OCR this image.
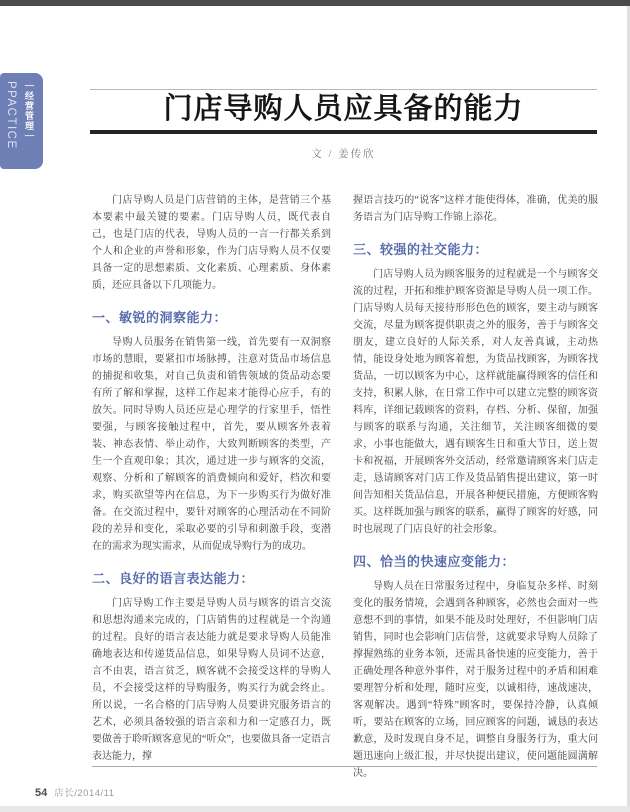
PPACTICE ｜经营管理｜	门店导购人员应具备的能力
文 / 姜传欣

门店导购人员是门店营销的主体，是营销三个基本要素中最关键的要素。门店导购人员，既代表自己，也是门店的代表，导购人员的一言一行都关系到个人和企业的声誉和形象，作为门店导购人员不仅要具备一定的思想素质、文化素质、心理素质、身体素质，还应具备以下几项能力。

一、敏锐的洞察能力：

导购人员服务在销售第一线，首先要有一双洞察市场的慧眼，要紧扣市场脉搏，注意对货品市场信息的捕捉和收集，对自己负责和销售领域的货品动态要有所了解和掌握，这样工作起来才能得心应手，有的放矢。同时导购人员还应是心理学的行家里手，悟性要强，与顾客接触过程中，首先，要从顾客外表着装、神态表情、举止动作，大致判断顾客的类型，产生一个直观印象；其次，通过进一步与顾客的交流，观察、分析和了解顾客的消费倾向和爱好，档次和要求，购买欲望等内在信息，为下一步购买行为做好准备。在交流过程中，要针对顾客的心理活动在不同阶段的差异和变化，采取必要的引导和刺激手段，变潜在的需求为现实需求，从而促成导购行为的成功。

二、良好的语言表达能力：

门店导购工作主要是导购人员与顾客的语言交流和思想沟通来完成的，门店销售的过程就是一个沟通的过程。良好的语言表达能力就是要求导购人员能准确地表达和传递货品信息，如果导购人员词不达意，言不由衷，语言贫乏，顾客就不会接受这样的导购人员，不会接受这样的导购服务，购买行为就会终止。所以说，一名合格的门店导购人员要讲究服务语言的艺术，必须具备较强的语言亲和力和一定感召力，既要做善于聆听顾客意见的“听众”，也要做具备一定语言表达能力，撑

握语言技巧的“说客”这样才能使得体，准确，优美的服务语言为门店导购工作锦上添花。

三、较强的社交能力：

门店导购人员为顾客服务的过程就是一个与顾客交流的过程，开拓和维护顾客资源是导购人员一项工作。门店导购人员每天接待形形色色的顾客，要主动与顾客交流，尽量为顾客提供职责之外的服务，善于与顾客交朋友，建立良好的人际关系，对人友善真诚，主动热情，能设身处地为顾客着想，为货品找顾客，为顾客找货品，一切以顾客为中心，这样就能赢得顾客的信任和支持，积累人脉，在日常工作中可以建立完整的顾客资料库，详细记载顾客的资料，存档、分析、保留，加强与顾客的联系与沟通，关注细节，关注顾客细微的要求，小事也能做大，遇有顾客生日和重大节日，送上贺卡和祝福，开展顾客外交活动，经常邀请顾客来门店走走，恳请顾客对门店工作及货品销售提出建议，第一时间告知相关货品信息，开展各种便民措施，方便顾客购买。这样既加强与顾客的联系，赢得了顾客的好感，同时也展现了门店良好的社会形象。

四、恰当的快速应变能力：

导购人员在日常服务过程中，身临复杂多样、时刻变化的服务情境，会遇到各种顾客，必然也会面对一些意想不到的事情，如果不能及时处理好，不但影响门店销售，同时也会影响门店信誉，这就要求导购人员除了撑握熟练的业务本领，还需具备快速的应变能力，善于正确处理各种意外事件，对于服务过程中的矛盾和困难要理智分析和处理，随时应变，以诚相待，速战速决，客观解决。遇到“特殊”顾客时，要保持冷静，认真倾听，要站在顾客的立场，回应顾客的问题，诚恳的表达歉意，及时发现自身不足，调整自身服务行为，重大问题迅速向上级汇报，并尽快提出建议，使问题能圆满解决。

54 店长/2014/11
